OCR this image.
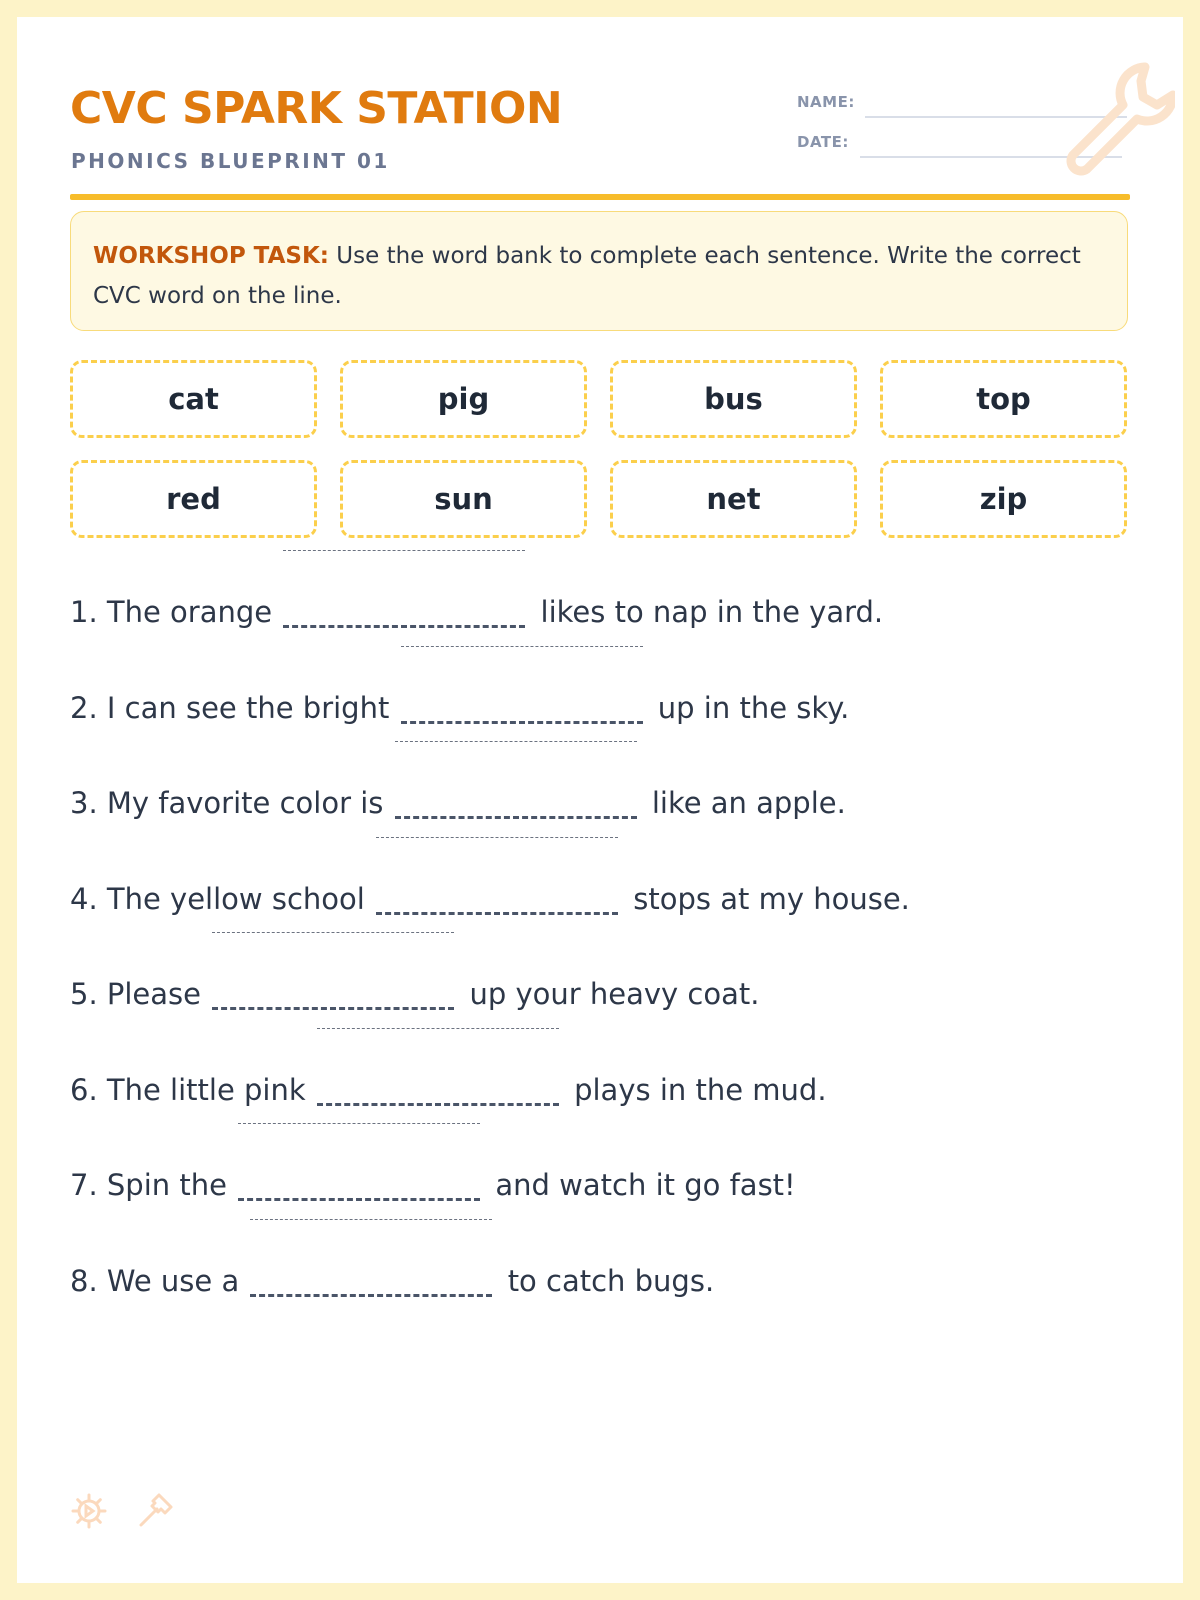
CVC SPARK STATION
PHONICS BLUEPRINT 01
NAME:
DATE:
WORKSHOP TASK: Use the word bank to complete each sentence. Write the correct CVC word on the line.
cat	pig	bus	top
red	sun	net	zip
1. The orange	likes to nap in the yard.
2. I can see the bright	up in the sky.
3. My favorite color is	like an apple.
4. The yellow school	stops at my house.
5. Please	up your heavy coat.
6. The little pink	plays in the mud.
7. Spin the	and watch it go fast!
8. We use a	to catch bugs.
